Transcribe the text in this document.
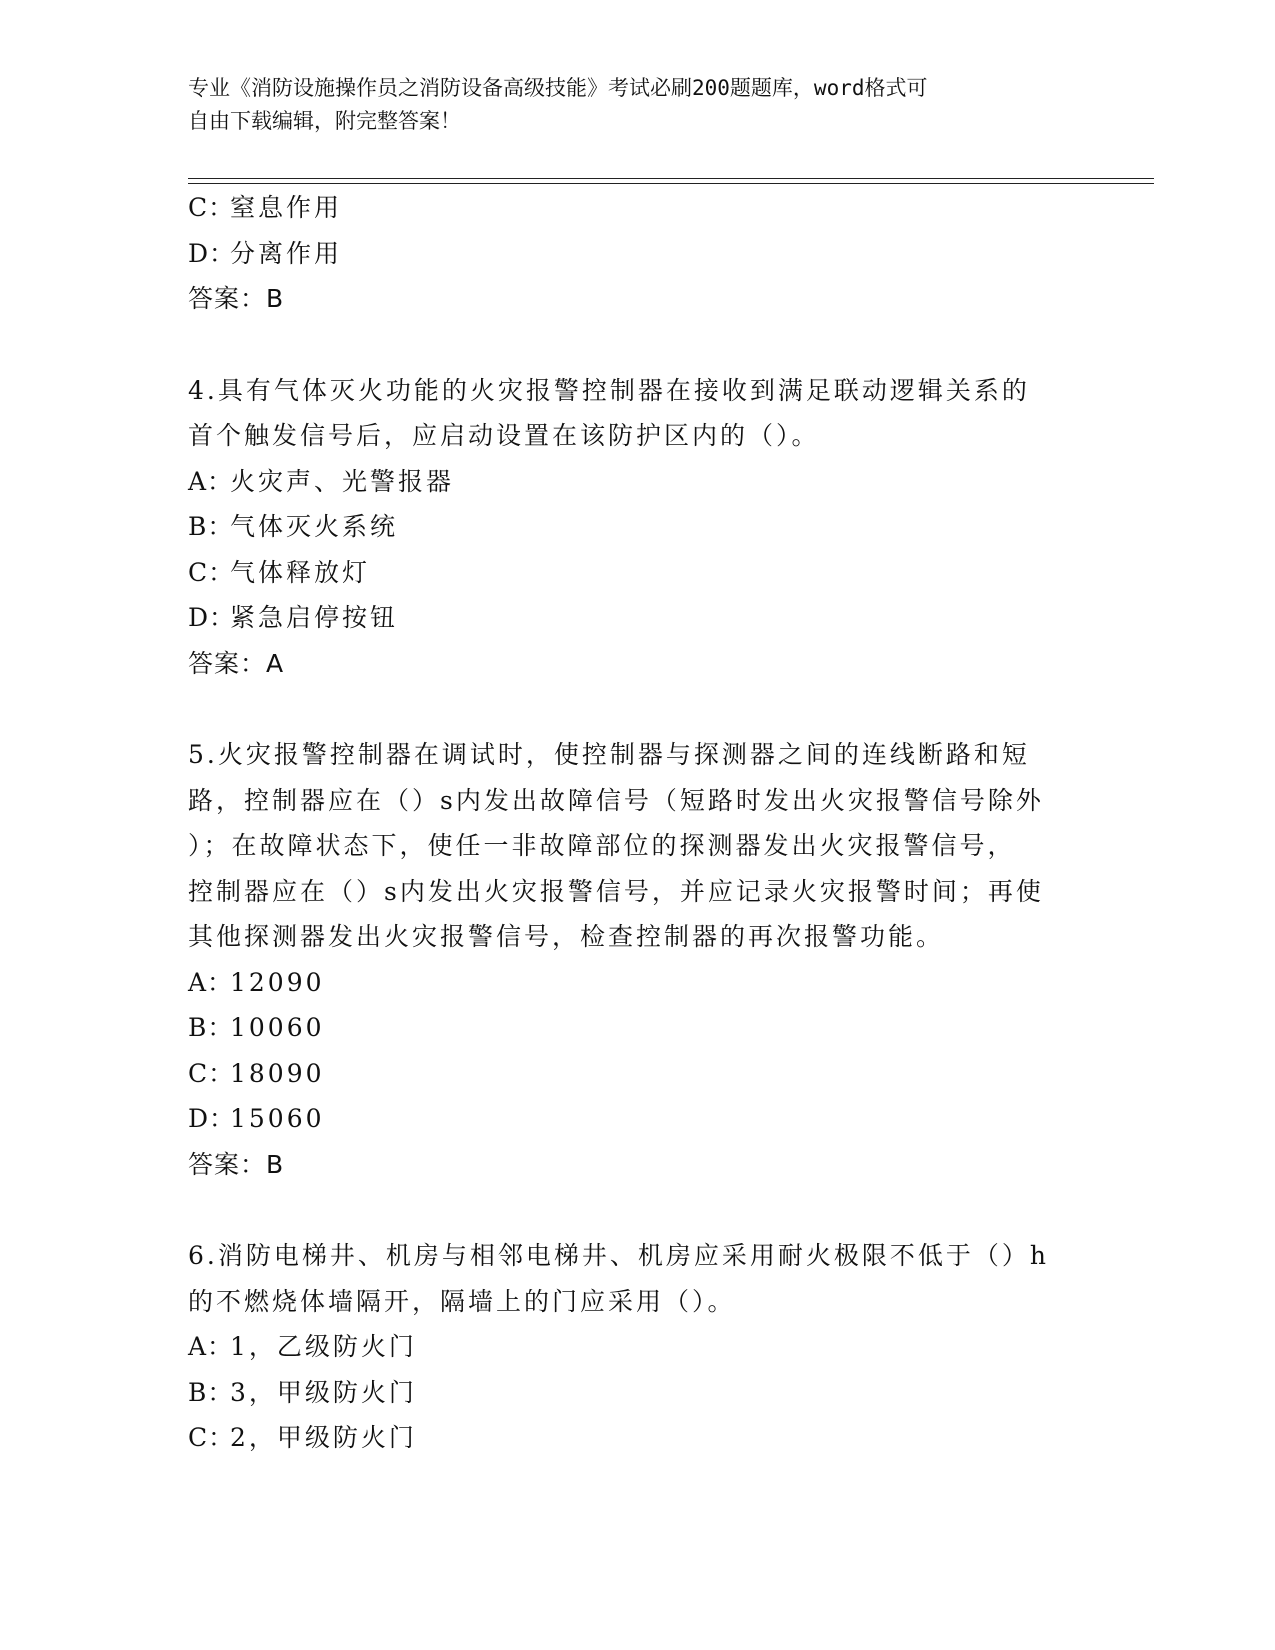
专业《消防设施操作员之消防设备高级技能》考试必刷200题题库，word格式可
自由下载编辑，附完整答案！
C：
窒息作用
D：
分离作用
答案：B
4.具有气体灭火功能的火灾报警控制器在接收到满足联动逻辑关系的
首个触发信号后，应启动设置在该防护区内的（）。
A：
火灾声、光警报器
B：
气体灭火系统
C：
气体释放灯
D：
紧急启停按钮
答案：A
5.火灾报警控制器在调试时，使控制器与探测器之间的连线断路和短
路，控制器应在（）s内发出故障信号（短路时发出火灾报警信号除外
）；在故障状态下，使任一非故障部位的探测器发出火灾报警信号，
控制器应在（）s内发出火灾报警信号，并应记录火灾报警时间；再使
其他探测器发出火灾报警信号，检查控制器的再次报警功能。
A：
12090
B：
10060
C：
18090
D：
15060
答案：B
6.消防电梯井、机房与相邻电梯井、机房应采用耐火极限不低于（）h
的不燃烧体墙隔开，隔墙上的门应采用（）。
A：
1，乙级防火门
B：
3，甲级防火门
C：
2，甲级防火门
